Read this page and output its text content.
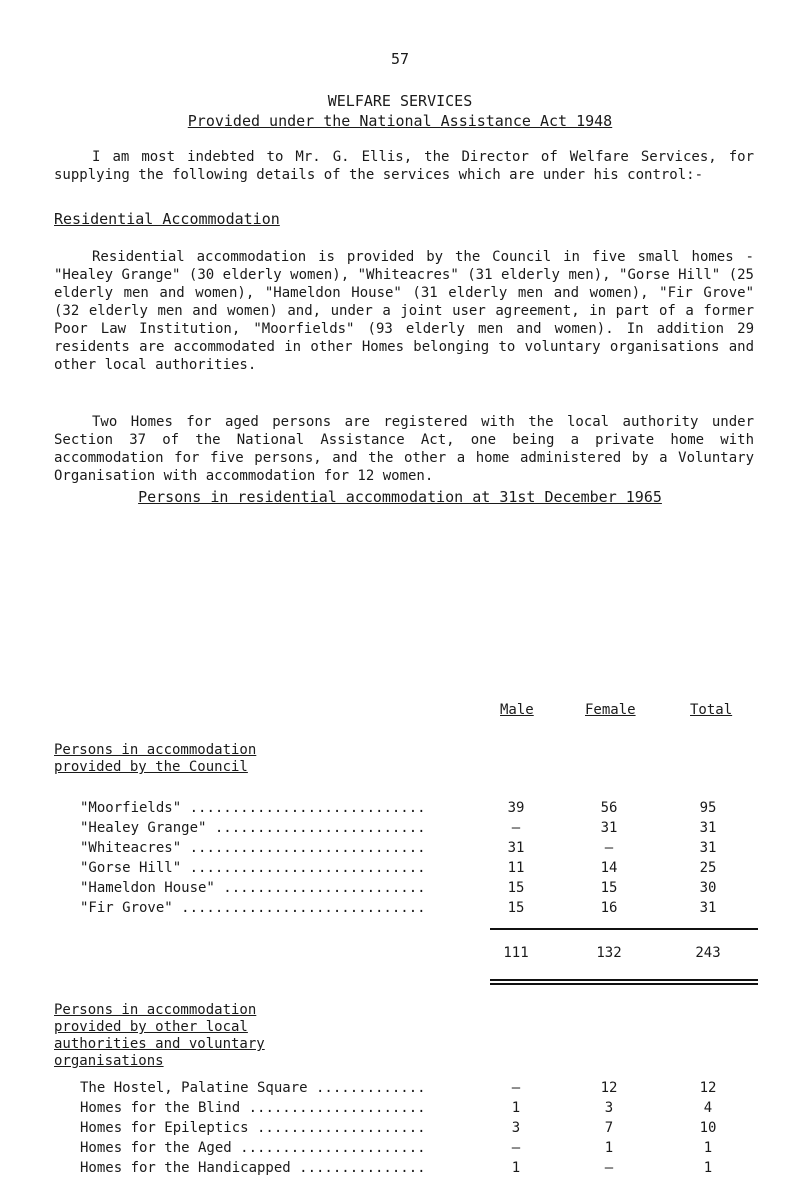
57
WELFARE SERVICES
Provided under the National Assistance Act 1948

I am most indebted to Mr. G. Ellis, the Director of Welfare Services, for supplying the following details of the services which are under his control:-

Residential Accommodation

Residential accommodation is provided by the Council in five small homes - "Healey Grange" (30 elderly women), "Whiteacres" (31 elderly men), "Gorse Hill" (25 elderly men and women), "Hameldon House" (31 elderly men and women), "Fir Grove" (32 elderly men and women) and, under a joint user agreement, in part of a former Poor Law Institution, "Moorfields" (93 elderly men and women). In addition 29 residents are accommodated in other Homes belonging to voluntary organisations and other local authorities.

Two Homes for aged persons are registered with the local authority under Section 37 of the National Assistance Act, one being a private home with accommodation for five persons, and the other a home administered by a Voluntary Organisation with accommodation for 12 women.

Persons in residential accommodation at 31st December 1965
Male	Female	Total
Persons in accommodation
provided by the Council
"Moorfields" .....	39	56	95
"Healey Grange" .....	–	31	31
"Whiteacres" .....	31	–	31
"Gorse Hill" .....	11	14	25
"Hameldon House" .....	15	15	30
"Fir Grove" .....	15	16	31
111	132	243
Persons in accommodation
provided by other local
authorities and voluntary
organisations
The Hostel, Palatine Square .....	–	12	12
Homes for the Blind .....	1	3	4
Homes for Epileptics .....	3	7	10
Homes for the Aged .....	–	1	1
Homes for the Handicapped .....	1	–	1
